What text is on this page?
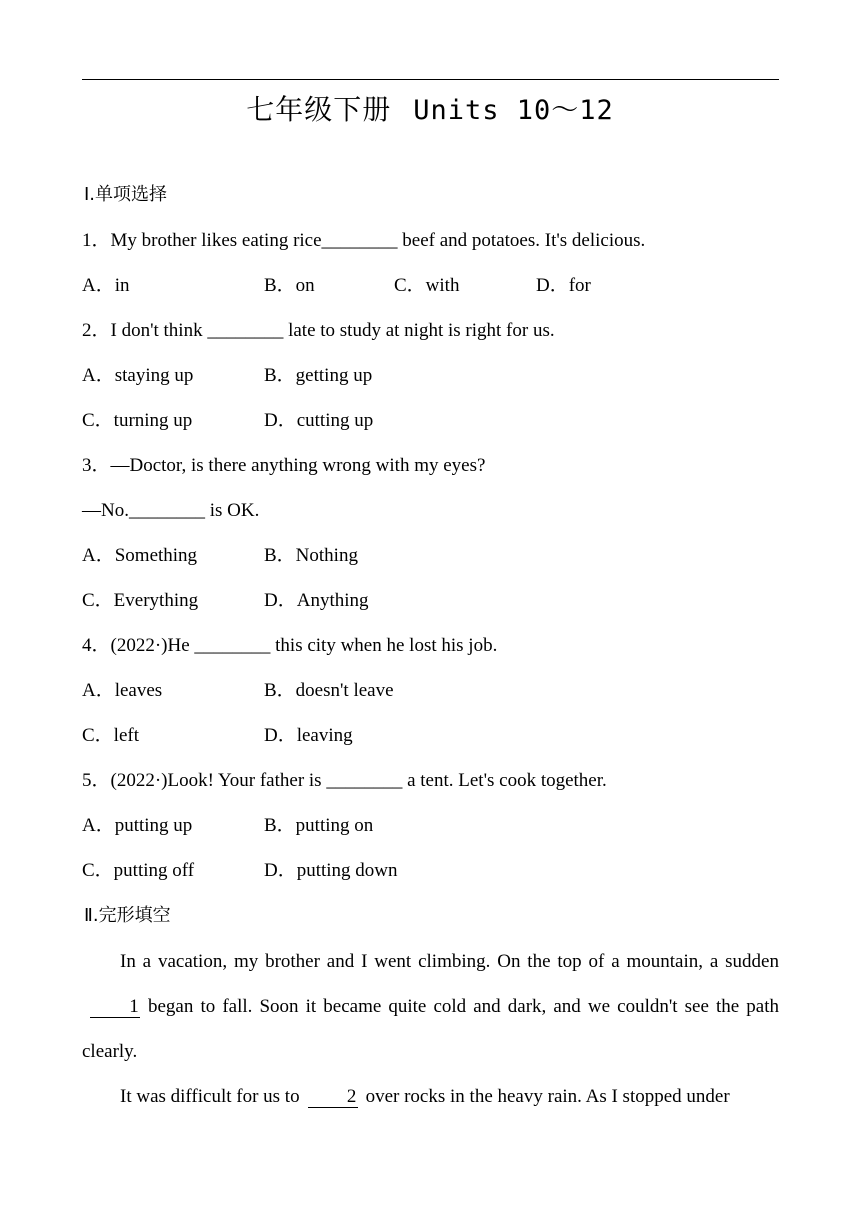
七年级下册 Units 10～12
Ⅰ.单项选择
1．My brother likes eating rice________ beef and potatoes. It's delicious.
A．in	B．on	C．with	D．for
2．I don't think ________ late to study at night is right for us.
A．staying up	B．getting up
C．turning up	D．cutting up
3．—Doctor, is there anything wrong with my eyes?
—No.________ is OK.
A．Something	B．Nothing
C．Everything	D．Anything
4．(2022·)He ________ this city when he lost his job.
A．leaves	B．doesn't leave
C．left	D．leaving
5．(2022·)Look! Your father is ________ a tent. Let's cook together.
A．putting up	B．putting on
C．putting off	D．putting down
Ⅱ.完形填空

In a vacation, my brother and I went climbing. On the top of a mountain, a sudden1 began to fall. Soon it became quite cold and dark, and we couldn't see the path clearly.

It was difficult for us to 2 over rocks in the heavy rain. As I stopped under
